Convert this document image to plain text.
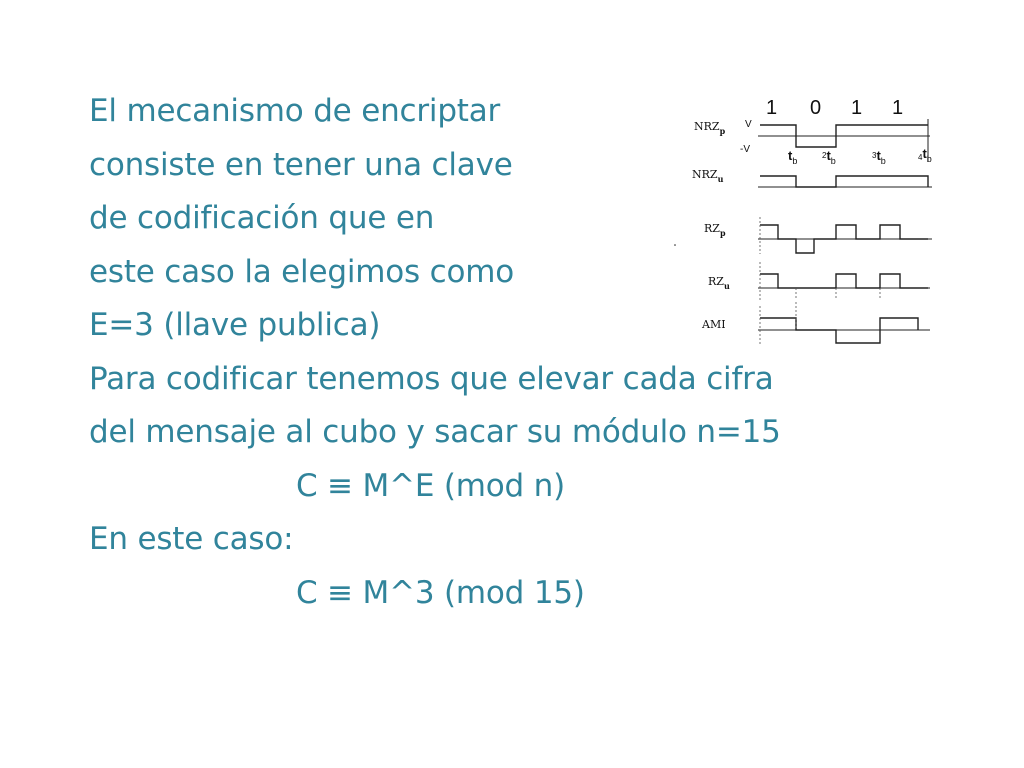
El mecanismo de encriptar
consiste en tener una clave
de codificación que en
este caso la elegimos como
E=3 (llave publica)
Para codificar tenemos que elevar cada cifra
del mensaje al cubo y sacar su módulo n=15
C ≡ M^E (mod n)
En este caso:
C ≡ M^3 (mod 15)
1 0 1 1
$NRZ_p$
V
-V	$t_b$
$2t_b$
$3t_b$	$4t_b$
$NRZ_u$
$RZ_p$
$RZ_u$
AMI
